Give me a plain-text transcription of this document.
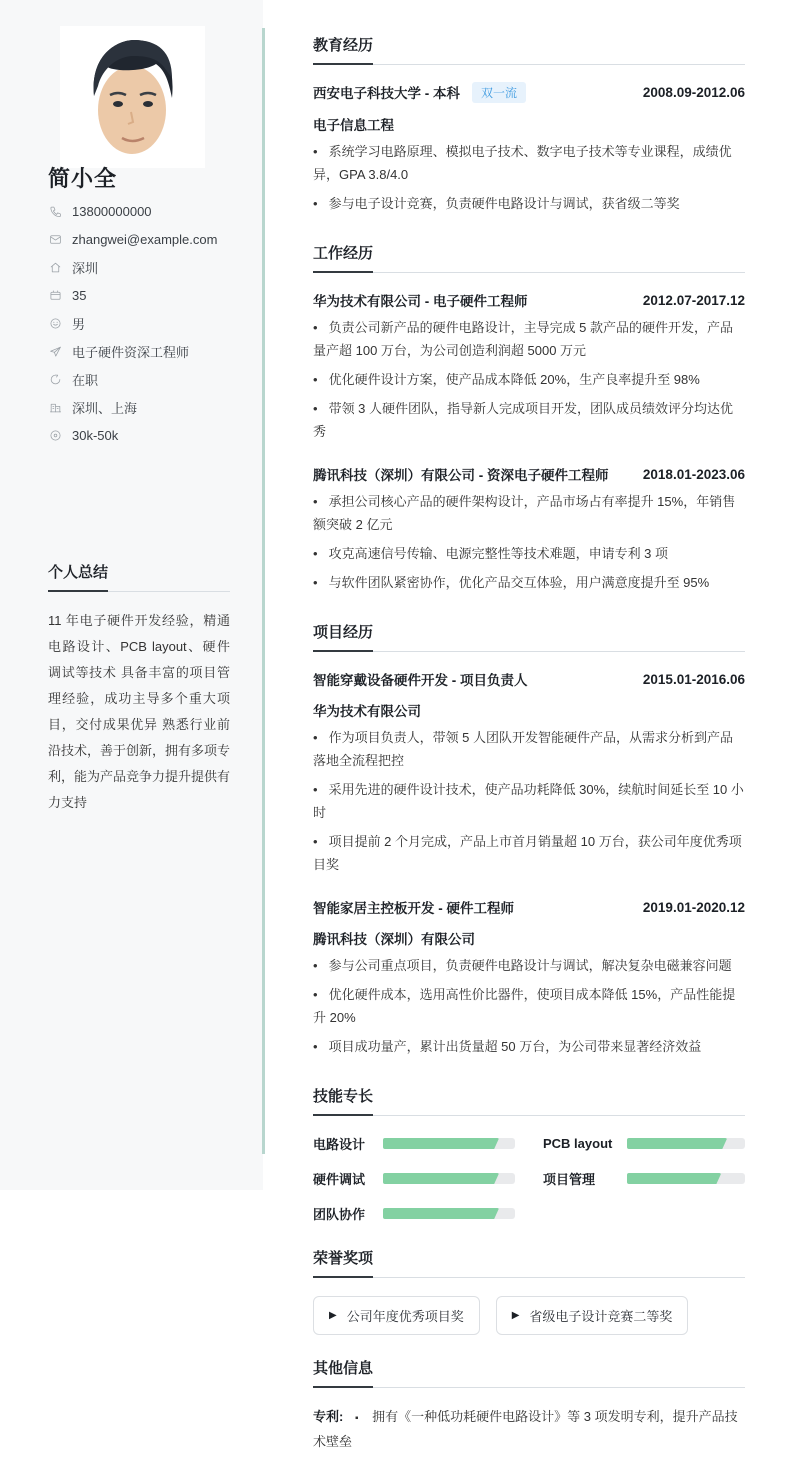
简小全
13800000000
zhangwei@example.com
深圳
35
男
电子硬件资深工程师
在职
深圳、上海
30k-50k
个人总结
11 年电子硬件开发经验，精通电路设计、PCB layout、硬件调试等技术 具备丰富的项目管理经验，成功主导多个重大项目，交付成果优异 熟悉行业前沿技术，善于创新，拥有多项专利，能为产品竞争力提升提供有力支持
教育经历
西安电子科技大学 - 本科 双一流	2008.09-2012.06
电子信息工程
• 系统学习电路原理、模拟电子技术、数字电子技术等专业课程，成绩优异，GPA 3.8/4.0
• 参与电子设计竞赛，负责硬件电路设计与调试，获省级二等奖
工作经历
华为技术有限公司 - 电子硬件工程师	2012.07-2017.12
• 负责公司新产品的硬件电路设计，主导完成 5 款产品的硬件开发，产品量产超 100 万台，为公司创造利润超 5000 万元
• 优化硬件设计方案，使产品成本降低 20%，生产良率提升至 98%
• 带领 3 人硬件团队，指导新人完成项目开发，团队成员绩效评分均达优秀
腾讯科技（深圳）有限公司 - 资深电子硬件工程师	2018.01-2023.06
• 承担公司核心产品的硬件架构设计，产品市场占有率提升 15%，年销售额突破 2 亿元
• 攻克高速信号传输、电源完整性等技术难题，申请专利 3 项
• 与软件团队紧密协作，优化产品交互体验，用户满意度提升至 95%
项目经历
智能穿戴设备硬件开发 - 项目负责人	2015.01-2016.06
华为技术有限公司
• 作为项目负责人，带领 5 人团队开发智能硬件产品，从需求分析到产品落地全流程把控
• 采用先进的硬件设计技术，使产品功耗降低 30%，续航时间延长至 10 小时
• 项目提前 2 个月完成，产品上市首月销量超 10 万台，获公司年度优秀项目奖
智能家居主控板开发 - 硬件工程师	2019.01-2020.12
腾讯科技（深圳）有限公司
• 参与公司重点项目，负责硬件电路设计与调试，解决复杂电磁兼容问题
• 优化硬件成本，选用高性价比器件，使项目成本降低 15%，产品性能提升 20%
• 项目成功量产，累计出货量超 50 万台，为公司带来显著经济效益
技能专长
电路设计	PCB layout
硬件调试	项目管理
团队协作
荣誉奖项
▶ 公司年度优秀项目奖	▶ 省级电子设计竞赛二等奖
其他信息
专利: ▪ 拥有《一种低功耗硬件电路设计》等 3 项发明专利，提升产品技术壁垒
